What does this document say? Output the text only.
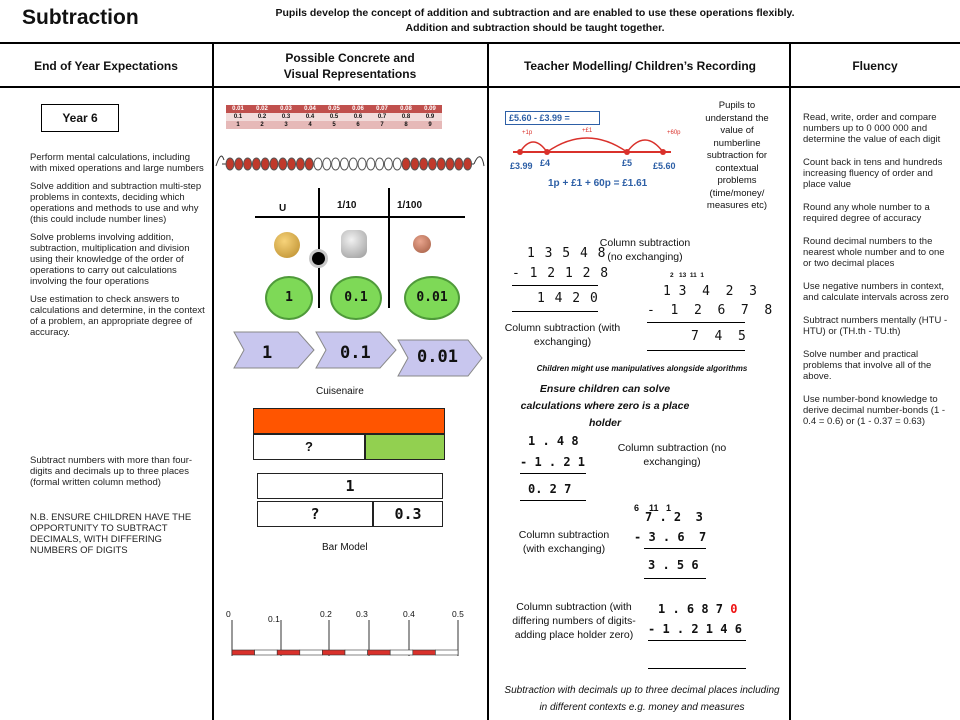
Subtraction	Pupils develop the concept of addition and subtraction and are enabled to use these operations flexibly.
Addition and subtraction should be taught together.
End of Year Expectations
Possible Concrete and
Visual Representations
Teacher Modelling/ Children’s Recording	Fluency
Year 6

Perform mental calculations, including with mixed operations and large numbers

Solve addition and subtraction multi-step problems in contexts, deciding which operations and methods to use and why (this could include number lines)

Solve problems involving addition, subtraction, multiplication and division using their knowledge of the order of operations to carry out calculations involving the four operations

Use estimation to check answers to calculations and determine, in the context of a problem, an appropriate degree of accuracy.

Subtract numbers with more than four-digits and decimals up to three places (formal written column method)
N.B. ENSURE CHILDREN HAVE THE OPPORTUNITY TO SUBTRACT DECIMALS, WITH DIFFERING NUMBERS OF DIGITS
0.01	0.02	0.03	0.04	0.05	0.06	0.07	0.08	0.09
0.1	0.2	0.3	0.4	0.5	0.6	0.7	0.8	0.9
1	2	3	4	5	6	7	8	9
U	1/10	1/100
1	0.1	0.01
1	0.1	0.01
Cuisenaire
?
1
?	0.3
Bar Model
0	0.1	0.2	0.3	0.4	0.5
£5.60 - £3.99 =
+1p	+£1	+60p
£3.99 £4	£5 £5.60
1p + £1 + 60p = £1.61
Pupils to understand the value of numberline subtraction for contextual problems (time/money/ measures etc)
1 3 5 4 8
- 1 2 1 2 8
1 4 2 0
Column subtraction (no exchanging)
2   13  11  1
1 3  4  2  3
-  1  2  6  7  8
7  4  5
Column subtraction (with exchanging)
Children might use manipulatives alongside algorithms
Ensure children can solve calculations where zero is a place holder
1 . 4 8
- 1 . 2 1
0. 2 7
Column subtraction (no exchanging)
6    11   1
7 . 2  3
- 3 . 6  7
3 . 5 6
Column subtraction (with exchanging)
1 . 6 8 7 0
- 1 . 2 1 4 6
Column subtraction (with differing numbers of digits-adding place holder zero)
Subtraction with decimals up to three decimal places including in different contexts e.g. money and measures

Read, write, order and compare numbers up to 0 000 000 and determine the value of each digit

Count back in tens and hundreds increasing fluency of order and place value

Round any whole number to a required degree of accuracy

Round decimal numbers to the nearest whole number and to one or two decimal places

Use negative numbers in context, and calculate intervals across zero

Subtract numbers mentally (HTU - HTU) or (TH.th - TU.th)

Solve number and practical problems that involve all of the above.

Use number-bond knowledge to derive decimal number-bonds (1 - 0.4 = 0.6) or (1 - 0.37 = 0.63)
